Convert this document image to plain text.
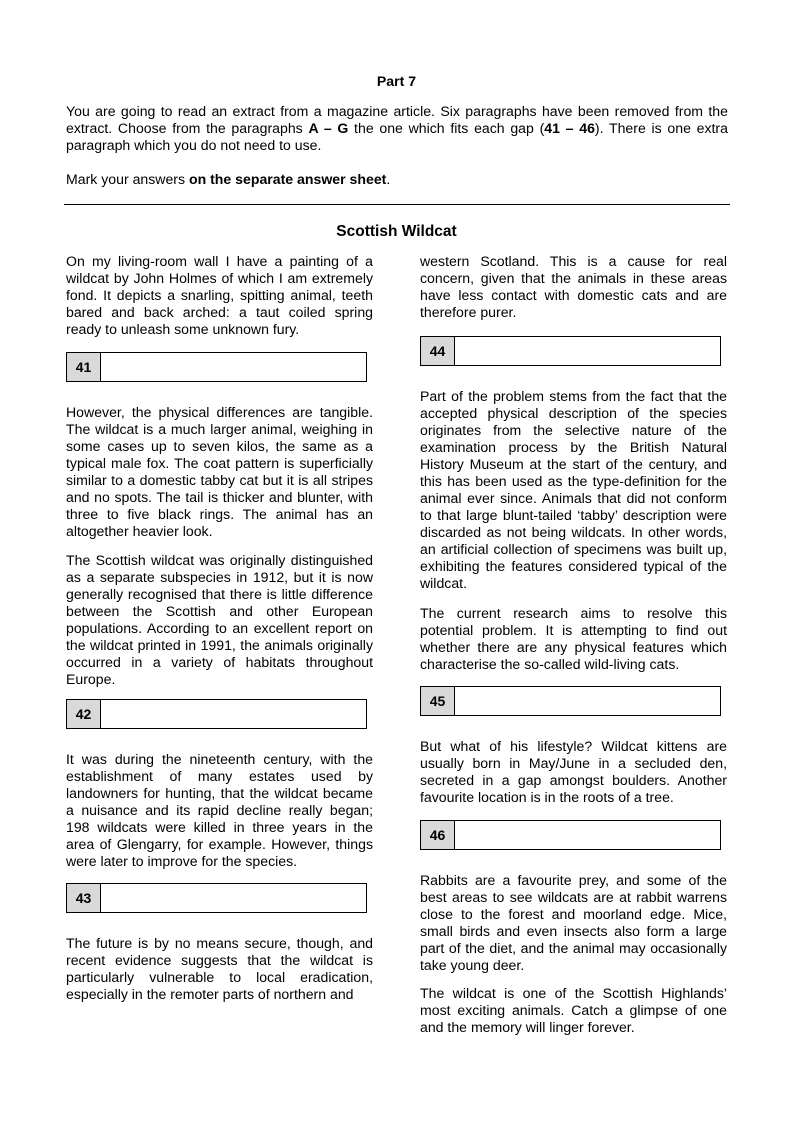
Part 7

You are going to read an extract from a magazine article. Six paragraphs have been removed from the extract. Choose from the paragraphs A – G the one which fits each gap (41 – 46). There is one extra paragraph which you do not need to use.

Mark your answers on the separate answer sheet.

Scottish Wildcat

On my living-room wall I have a painting of a wildcat by John Holmes of which I am extremely fond. It depicts a snarling, spitting animal, teeth bared and back arched: a taut coiled spring ready to unleash some unknown fury.

41

However, the physical differences are tangible. The wildcat is a much larger animal, weighing in some cases up to seven kilos, the same as a typical male fox. The coat pattern is superficially similar to a domestic tabby cat but it is all stripes and no spots. The tail is thicker and blunter, with three to five black rings. The animal has an altogether heavier look.

The Scottish wildcat was originally distinguished as a separate subspecies in 1912, but it is now generally recognised that there is little difference between the Scottish and other European populations. According to an excellent report on the wildcat printed in 1991, the animals originally occurred in a variety of habitats throughout Europe.

42

It was during the nineteenth century, with the establishment of many estates used by landowners for hunting, that the wildcat became a nuisance and its rapid decline really began; 198 wildcats were killed in three years in the area of Glengarry, for example. However, things were later to improve for the species.

43

The future is by no means secure, though, and recent evidence suggests that the wildcat is particularly vulnerable to local eradication, especially in the remoter parts of northern and

western Scotland. This is a cause for real concern, given that the animals in these areas have less contact with domestic cats and are therefore purer.

44

Part of the problem stems from the fact that the accepted physical description of the species originates from the selective nature of the examination process by the British Natural History Museum at the start of the century, and this has been used as the type-definition for the animal ever since. Animals that did not conform to that large blunt-tailed ‘tabby’ description were discarded as not being wildcats. In other words, an artificial collection of specimens was built up, exhibiting the features considered typical of the wildcat.

The current research aims to resolve this potential problem. It is attempting to find out whether there are any physical features which characterise the so-called wild-living cats.

45

But what of his lifestyle? Wildcat kittens are usually born in May/June in a secluded den, secreted in a gap amongst boulders. Another favourite location is in the roots of a tree.

46

Rabbits are a favourite prey, and some of the best areas to see wildcats are at rabbit warrens close to the forest and moorland edge. Mice, small birds and even insects also form a large part of the diet, and the animal may occasionally take young deer.

The wildcat is one of the Scottish Highlands’ most exciting animals. Catch a glimpse of one and the memory will linger forever.
